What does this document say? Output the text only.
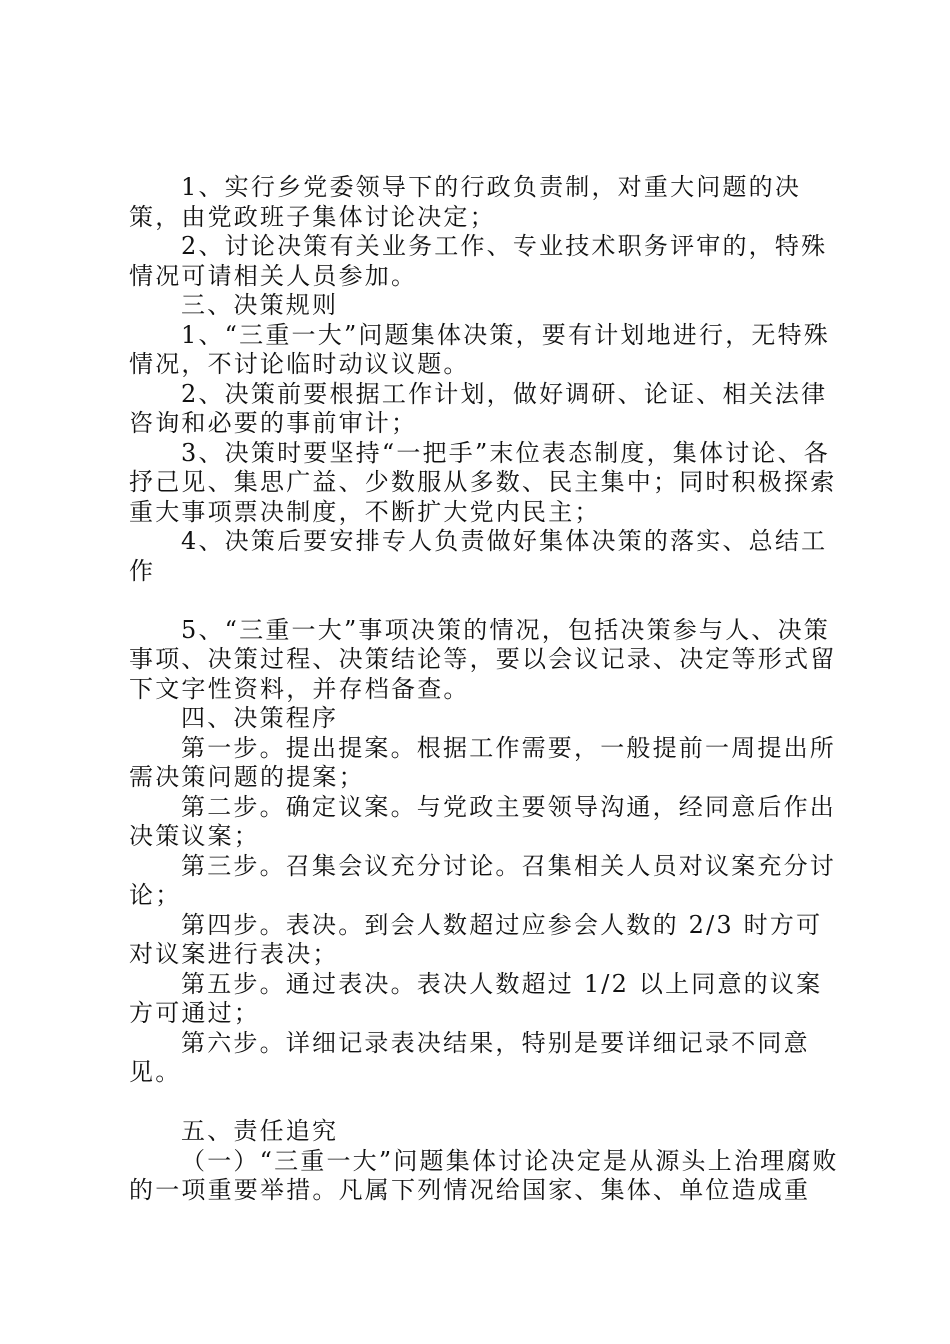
1、实行乡党委领导下的行政负责制，对重大问题的决策，由党政班子集体讨论决定；

2、讨论决策有关业务工作、专业技术职务评审的，特殊情况可请相关人员参加。

三、决策规则

1、“三重一大”问题集体决策，要有计划地进行，无特殊情况，不讨论临时动议议题。

2、决策前要根据工作计划，做好调研、论证、相关法律咨询和必要的事前审计；

3、决策时要坚持“一把手”末位表态制度，集体讨论、各抒己见、集思广益、少数服从多数、民主集中；同时积极探索重大事项票决制度，不断扩大党内民主；

4、决策后要安排专人负责做好集体决策的落实、总结工作

5、“三重一大”事项决策的情况，包括决策参与人、决策事项、决策过程、决策结论等，要以会议记录、决定等形式留下文字性资料，并存档备查。

四、决策程序

第一步。提出提案。根据工作需要，一般提前一周提出所需决策问题的提案；

第二步。确定议案。与党政主要领导沟通，经同意后作出决策议案；

第三步。召集会议充分讨论。召集相关人员对议案充分讨论；

第四步。表决。到会人数超过应参会人数的 2/3 时方可对议案进行表决；

第五步。通过表决。表决人数超过 1/2 以上同意的议案方可通过；

第六步。详细记录表决结果，特别是要详细记录不同意见。

五、责任追究

（一）“三重一大”问题集体讨论决定是从源头上治理腐败的一项重要举措。凡属下列情况给国家、集体、单位造成重
